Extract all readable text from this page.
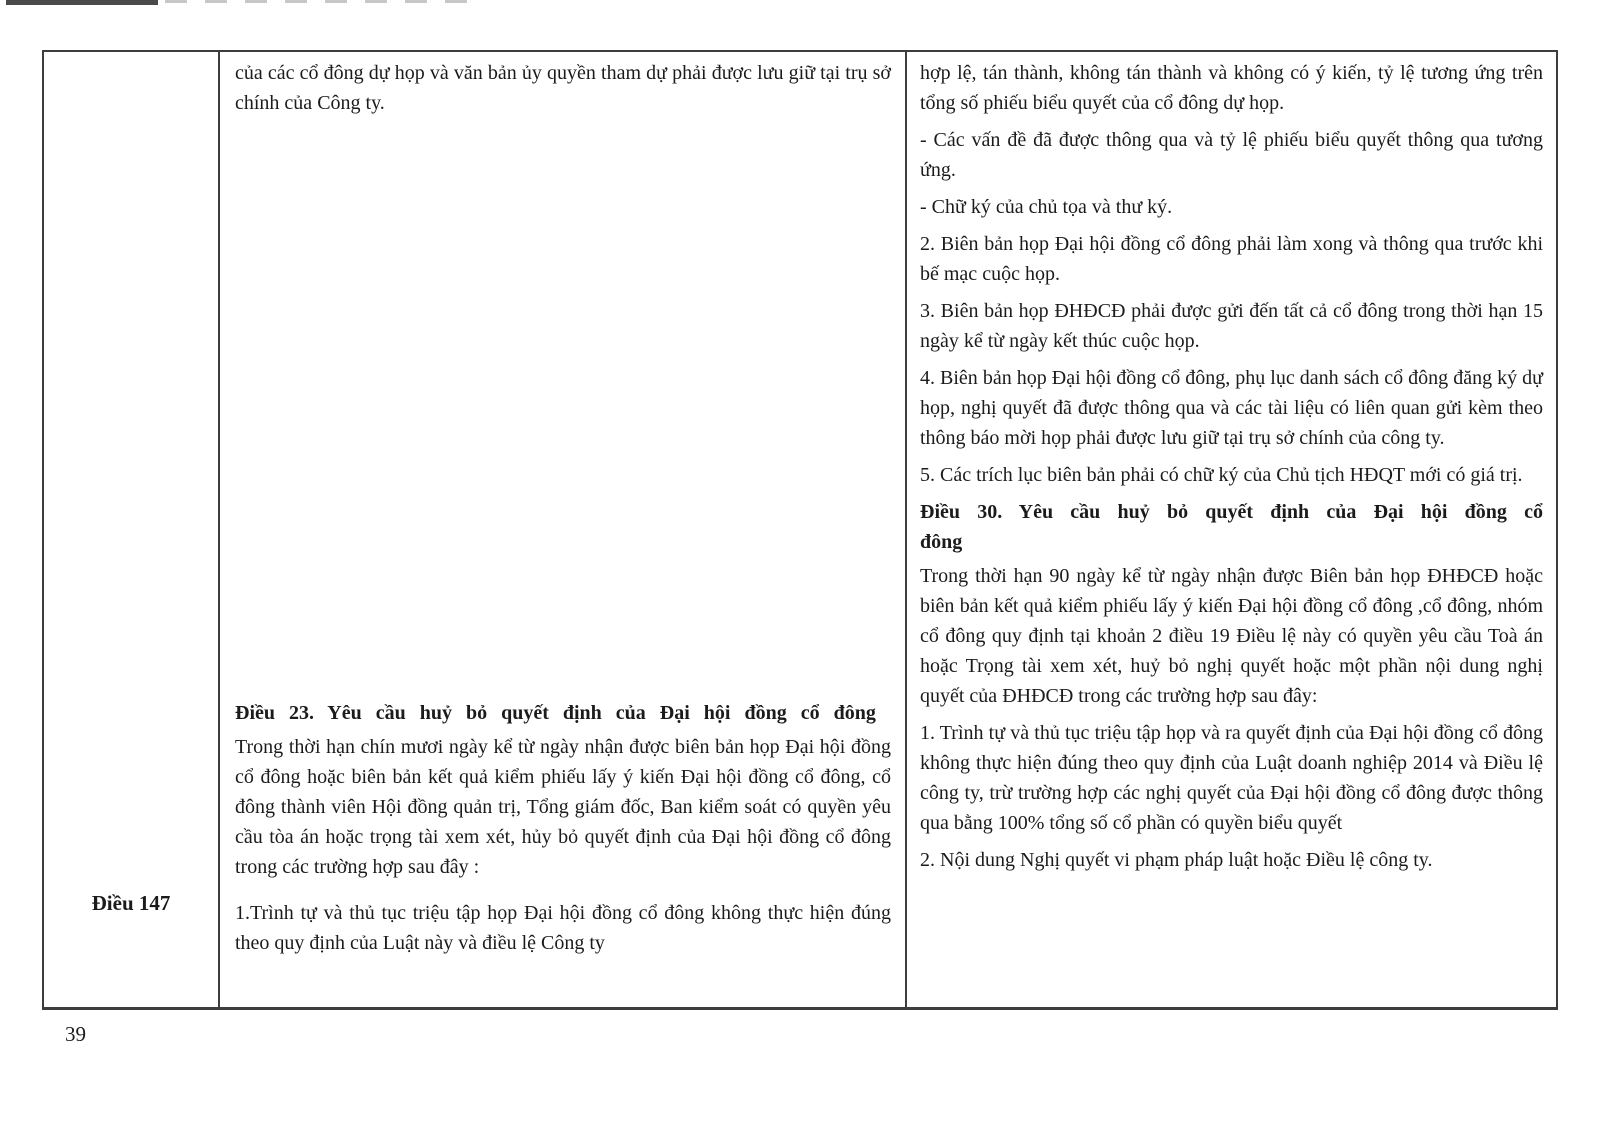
Điều 147

của các cổ đông dự họp và văn bản ủy quyền tham dự phải được lưu giữ tại trụ sở chính của Công ty.

Điều 23. Yêu cầu huỷ bỏ quyết định của Đại hội đồng cổ đông

Trong thời hạn chín mươi ngày kể từ ngày nhận được biên bản họp Đại hội đồng cổ đông hoặc biên bản kết quả kiểm phiếu lấy ý kiến Đại hội đồng cổ đông, cổ đông thành viên Hội đồng quản trị, Tổng giám đốc, Ban kiểm soát có quyền yêu cầu tòa án hoặc trọng tài xem xét, hủy bỏ quyết định của Đại hội đồng cổ đông trong các trường hợp sau đây :

1.Trình tự và thủ tục triệu tập họp Đại hội đồng cổ đông không thực hiện đúng theo quy định của Luật này và điều lệ Công ty

hợp lệ, tán thành, không tán thành và không có ý kiến, tỷ lệ tương ứng trên tổng số phiếu biểu quyết của cổ đông dự họp.

- Các vấn đề đã được thông qua và tỷ lệ phiếu biểu quyết thông qua tương ứng.

- Chữ ký của chủ tọa và thư ký.

2. Biên bản họp Đại hội đồng cổ đông phải làm xong và thông qua trước khi bế mạc cuộc họp.

3. Biên bản họp ĐHĐCĐ phải được gửi đến tất cả cổ đông trong thời hạn 15 ngày kể từ ngày kết thúc cuộc họp.

4. Biên bản họp Đại hội đồng cổ đông, phụ lục danh sách cổ đông đăng ký dự họp, nghị quyết đã được thông qua và các tài liệu có liên quan gửi kèm theo thông báo mời họp phải được lưu giữ tại trụ sở chính của công ty.

5. Các trích lục biên bản phải có chữ ký của Chủ tịch HĐQT mới có giá trị.

Điều 30. Yêu cầu huỷ bỏ quyết định của Đại hội đồng cổ đông

Trong thời hạn 90 ngày kể từ ngày nhận được Biên bản họp ĐHĐCĐ hoặc biên bản kết quả kiểm phiếu lấy ý kiến Đại hội đồng cổ đông ,cổ đông, nhóm cổ đông quy định tại khoản 2 điều 19 Điều lệ này có quyền yêu cầu Toà án hoặc Trọng tài xem xét, huỷ bỏ nghị quyết hoặc một phần nội dung nghị quyết của ĐHĐCĐ trong các trường hợp sau đây:

1. Trình tự và thủ tục triệu tập họp và ra quyết định của Đại hội đồng cổ đông không thực hiện đúng theo quy định của Luật doanh nghiệp 2014 và Điều lệ công ty, trừ trường hợp các nghị quyết của Đại hội đồng cổ đông được thông qua bằng 100% tổng số cổ phần có quyền biểu quyết

2. Nội dung Nghị quyết vi phạm pháp luật hoặc Điều lệ công ty.

39
